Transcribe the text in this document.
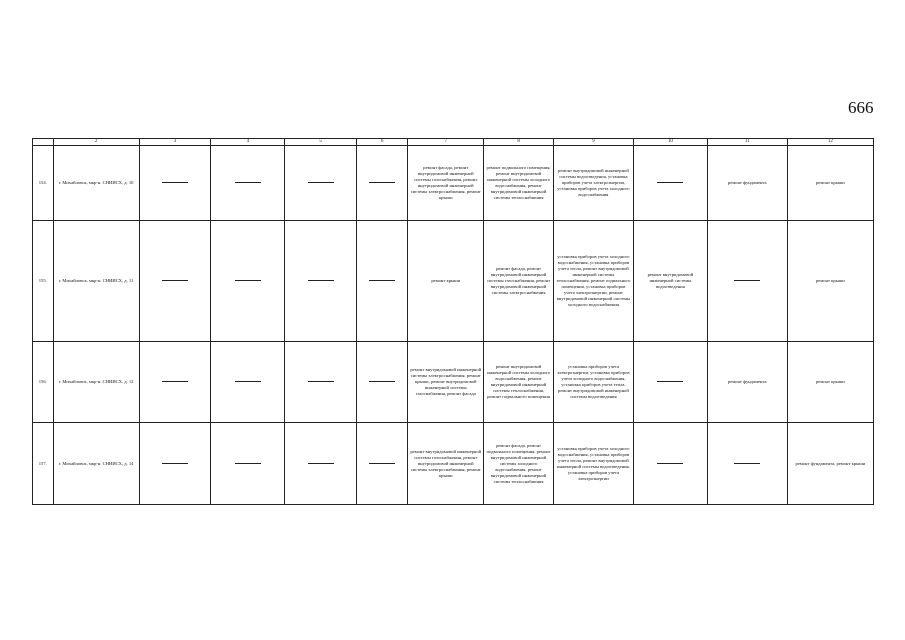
666
	2	3	4	5	6	7	8	9	10	11	12
154.	г. Михайловск, мкр-н. СНИИСХ, д. 10					ремонт фасада, ремонт внутридомовой инженерной системы газоснабжения, ремонт внутридомовой инженерной системы электроснабжения, ремонт крыши	ремонт подвального помещения, ремонт внутридомовой инженерной системы холодного водоснабжения, ремонт внутридомовой инженерной системы теплоснабжения	ремонт внутридомовой инженерной системы водоотведения, установка приборов учета электроэнергии, установка приборов учета холодного водоснабжения		ремонт фундамента	ремонт крыши
155.	г. Михайловск, мкр-н. СНИИСХ, д. 11					ремонт крыши	ремонт фасада, ремонт внутридомовой инженерной системы газоснабжения, ремонт внутридомовой инженерной системы электроснабжения	установка приборов учета холодного водоснабжения, установка приборов учета тепла, ремонт внутридомовой инженерной системы теплоснабжения, ремонт подвального помещения, установка приборов учета электроэнергии, ремонт внутридомовой инженерной системы холодного водоснабжения	ремонт внутридомовой инженерной системы водоотведения		ремонт крыши
156.	г. Михайловск, мкр-н. СНИИСХ, д. 12					ремонт внутридомовой инженерной системы электроснабжения, ремонт крыши, ремонт внутридомовой инженерной системы газоснабжения, ремонт фасада	ремонт внутридомовой инженерной системы холодного водоснабжения, ремонт внутридомовой инженерной системы теплоснабжения, ремонт подвального помещения	установка приборов учета электроэнергии, установка приборов учета холодного водоснабжения, установка приборов учета тепла, ремонт внутридомовой инженерной системы водоотведения		ремонт фундамента	ремонт крыши
157.	г. Михайловск, мкр-н. СНИИСХ, д. 14					ремонт внутридомовой инженерной системы газоснабжения, ремонт внутридомовой инженерной системы электроснабжения, ремонт крыши	ремонт фасада, ремонт подвального помещения, ремонт внутридомовой инженерной системы холодного водоснабжения, ремонт внутридомовой инженерной системы теплоснабжения	установка приборов учета холодного водоснабжения, установка приборов учета тепла, ремонт внутридомовой инженерной системы водоотведения, установка приборов учета электроэнергии			ремонт фундамента, ремонт крыши
